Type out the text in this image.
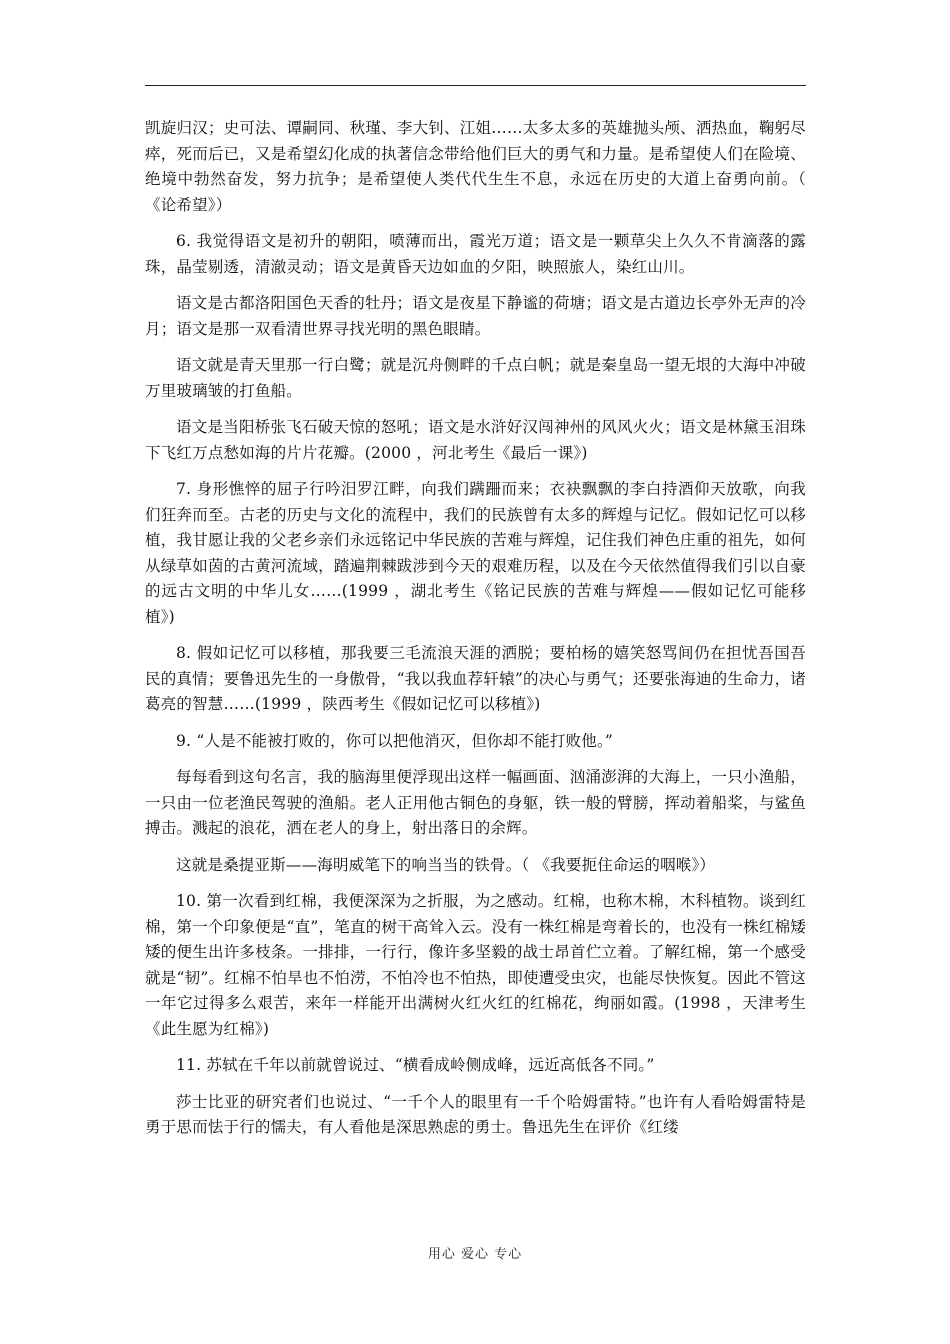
凯旋归汉；史可法、谭嗣同、秋瑾、李大钊、江姐……太多太多的英雄抛头颅、洒热血，鞠躬尽瘁，死而后已，又是希望幻化成的执著信念带给他们巨大的勇气和力量。是希望使人们在险境、绝境中勃然奋发，努力抗争；是希望使人类代代生生不息，永远在历史的大道上奋勇向前。（ 《论希望》）

6. 我觉得语文是初升的朝阳，喷薄而出，霞光万道；语文是一颗草尖上久久不肯滴落的露珠，晶莹剔透，清澈灵动；语文是黄昏天边如血的夕阳，映照旅人，染红山川。

语文是古都洛阳国色天香的牡丹；语文是夜星下静谧的荷塘；语文是古道边长亭外无声的冷月；语文是那一双看清世界寻找光明的黑色眼睛。

语文就是青天里那一行白鹭；就是沉舟侧畔的千点白帆；就是秦皇岛一望无垠的大海中冲破万里玻璃皱的打鱼船。

语文是当阳桥张飞石破天惊的怒吼；语文是水浒好汉闯神州的风风火火；语文是林黛玉泪珠下飞红万点愁如海的片片花瓣。(2000 ，河北考生《最后一课》)

7. 身形憔悴的屈子行吟汨罗江畔，向我们蹒跚而来；衣袂飘飘的李白持酒仰天放歌，向我们狂奔而至。古老的历史与文化的流程中，我们的民族曾有太多的辉煌与记忆。假如记忆可以移植，我甘愿让我的父老乡亲们永远铭记中华民族的苦难与辉煌，记住我们神色庄重的祖先，如何从绿草如茵的古黄河流域，踏遍荆棘跋涉到今天的艰难历程，以及在今天依然值得我们引以自豪的远古文明的中华儿女……(1999 ，湖北考生《铭记民族的苦难与辉煌——假如记忆可能移植》)

8. 假如记忆可以移植，那我要三毛流浪天涯的洒脱；要柏杨的嬉笑怒骂间仍在担忧吾国吾民的真情；要鲁迅先生的一身傲骨，“我以我血荐轩辕”的决心与勇气；还要张海迪的生命力，诸葛亮的智慧……(1999 ，陕西考生《假如记忆可以移植》)

9. “人是不能被打败的，你可以把他消灭，但你却不能打败他。”

每每看到这句名言，我的脑海里便浮现出这样一幅画面、汹涌澎湃的大海上，一只小渔船，一只由一位老渔民驾驶的渔船。老人正用他古铜色的身躯，铁一般的臂膀，挥动着船桨，与鲨鱼搏击。溅起的浪花，洒在老人的身上，射出落日的余辉。

这就是桑提亚斯——海明威笔下的响当当的铁骨。（ 《我要扼住命运的咽喉》）

10. 第一次看到红棉，我便深深为之折服，为之感动。红棉，也称木棉，木科植物。谈到红棉，第一个印象便是“直”，笔直的树干高耸入云。没有一株红棉是弯着长的，也没有一株红棉矮矮的便生出许多枝条。一排排，一行行，像许多坚毅的战士昂首伫立着。了解红棉，第一个感受就是“韧”。红棉不怕旱也不怕涝，不怕冷也不怕热，即使遭受虫灾，也能尽快恢复。因此不管这一年它过得多么艰苦，来年一样能开出满树火红火红的红棉花，绚丽如霞。(1998 ，天津考生《此生愿为红棉》)

11. 苏轼在千年以前就曾说过、“横看成岭侧成峰，远近高低各不同。”

莎士比亚的研究者们也说过、“一千个人的眼里有一千个哈姆雷特。”也许有人看哈姆雷特是勇于思而怯于行的懦夫，有人看他是深思熟虑的勇士。鲁迅先生在评价《红缕

用心 爱心 专心
